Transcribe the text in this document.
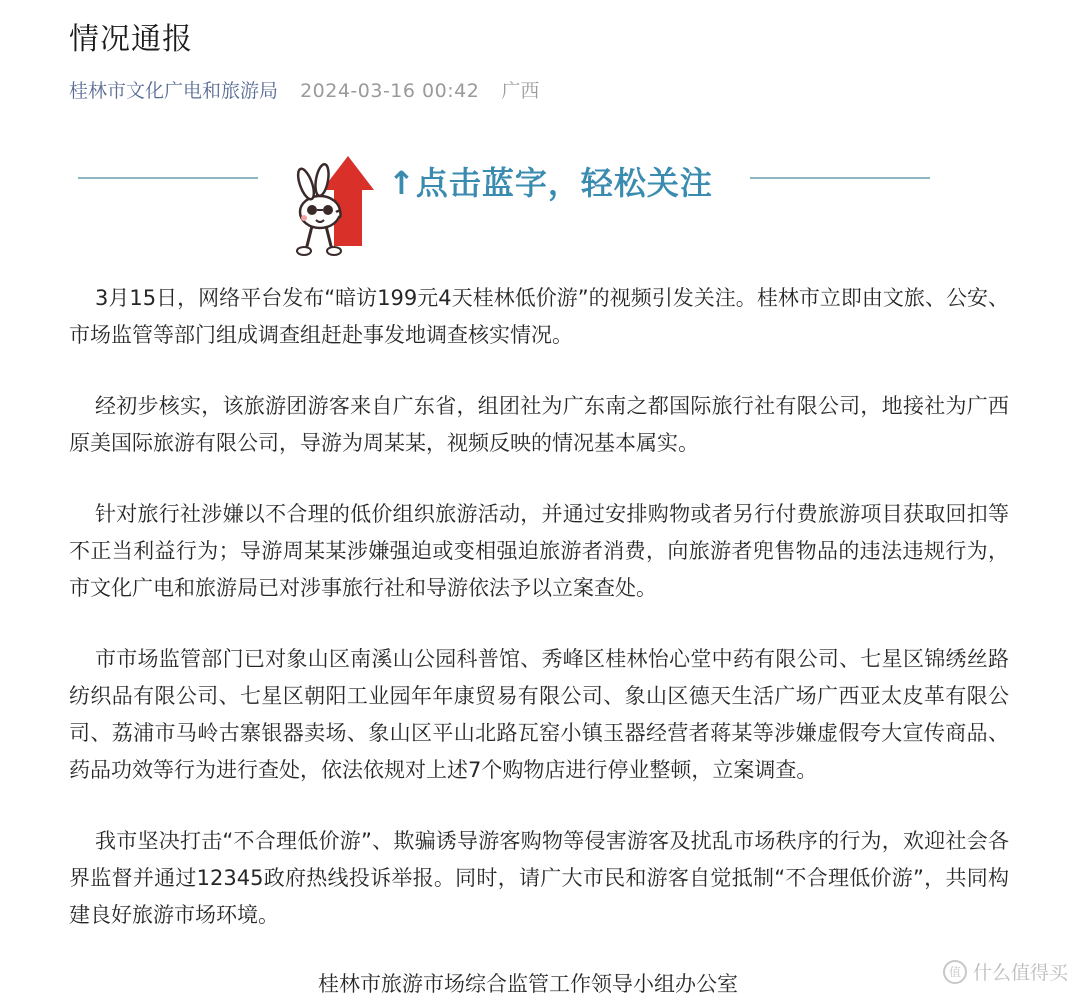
情况通报
桂林市文化广电和旅游局 2024-03-16 00:42 广西
↑点击蓝字，轻松关注

3月15日，网络平台发布“暗访199元4天桂林低价游”的视频引发关注。桂林市立即由文旅、公安、市场监管等部门组成调查组赶赴事发地调查核实情况。

经初步核实，该旅游团游客来自广东省，组团社为广东南之都国际旅行社有限公司，地接社为广西原美国际旅游有限公司，导游为周某某，视频反映的情况基本属实。

针对旅行社涉嫌以不合理的低价组织旅游活动，并通过安排购物或者另行付费旅游项目获取回扣等不正当利益行为；导游周某某涉嫌强迫或变相强迫旅游者消费，向旅游者兜售物品的违法违规行为，市文化广电和旅游局已对涉事旅行社和导游依法予以立案查处。

市市场监管部门已对象山区南溪山公园科普馆、秀峰区桂林怡心堂中药有限公司、七星区锦绣丝路纺织品有限公司、七星区朝阳工业园年年康贸易有限公司、象山区德天生活广场广西亚太皮革有限公司、荔浦市马岭古寨银器卖场、象山区平山北路瓦窑小镇玉器经营者蒋某等涉嫌虚假夸大宣传商品、药品功效等行为进行查处，依法依规对上述7个购物店进行停业整顿，立案调查。

我市坚决打击“不合理低价游”、欺骗诱导游客购物等侵害游客及扰乱市场秩序的行为，欢迎社会各界监督并通过12345政府热线投诉举报。同时，请广大市民和游客自觉抵制“不合理低价游”，共同构建良好旅游市场环境。

桂林市旅游市场综合监管工作领导小组办公室	值 什么值得买
